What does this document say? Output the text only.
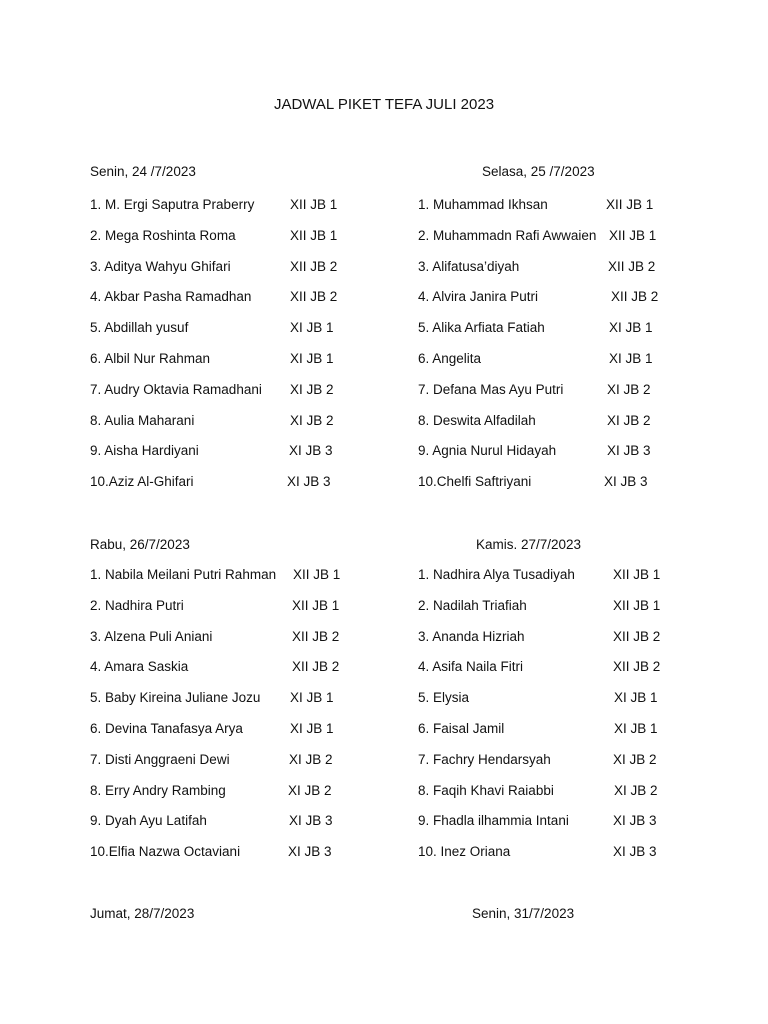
JADWAL PIKET TEFA JULI 2023
Senin, 24 /7/2023	Selasa, 25 /7/2023
1. M. Ergi Saputra Praberry	XII JB 1
2. Mega Roshinta Roma	XII JB 1
3. Aditya Wahyu Ghifari	XII JB 2
4. Akbar Pasha Ramadhan	XII JB 2
5. Abdillah yusuf	XI JB 1
6. Albil Nur Rahman	XI JB 1
7. Audry Oktavia Ramadhani XI JB 2
8. Aulia Maharani	XI JB 2
9. Aisha Hardiyani	XI JB 3
10.Aziz Al-Ghifari	XI JB 3
1. Muhammad Ikhsan	XII JB 1
2. Muhammadn Rafi Awwaien XII JB 1
3. Alifatusa’diyah	XII JB 2
4. Alvira Janira Putri	XII JB 2
5. Alika Arfiata Fatiah	XI JB 1
6. Angelita	XI JB 1
7. Defana Mas Ayu Putri	XI JB 2
8. Deswita Alfadilah	XI JB 2
9. Agnia Nurul Hidayah	XI JB 3
10.Chelfi Saftriyani	XI JB 3
Rabu, 26/7/2023	Kamis. 27/7/2023
1. Nabila Meilani Putri Rahman XII JB 1
2. Nadhira Putri	XII JB 1
3. Alzena Puli Aniani	XII JB 2
4. Amara Saskia	XII JB 2
5. Baby Kireina Juliane Jozu XI JB 1
6. Devina Tanafasya Arya	XI JB 1
7. Disti Anggraeni Dewi	XI JB 2
8. Erry Andry Rambing	XI JB 2
9. Dyah Ayu Latifah	XI JB 3
10.Elfia Nazwa Octaviani	XI JB 3
1. Nadhira Alya Tusadiyah	XII JB 1
2. Nadilah Triafiah	XII JB 1
3. Ananda Hizriah	XII JB 2
4. Asifa Naila Fitri	XII JB 2
5. Elysia	XI JB 1
6. Faisal Jamil	XI JB 1
7. Fachry Hendarsyah	XI JB 2
8. Faqih Khavi Raiabbi	XI JB 2
9. Fhadla ilhammia Intani	XI JB 3
10. Inez Oriana	XI JB 3
Jumat, 28/7/2023	Senin, 31/7/2023
